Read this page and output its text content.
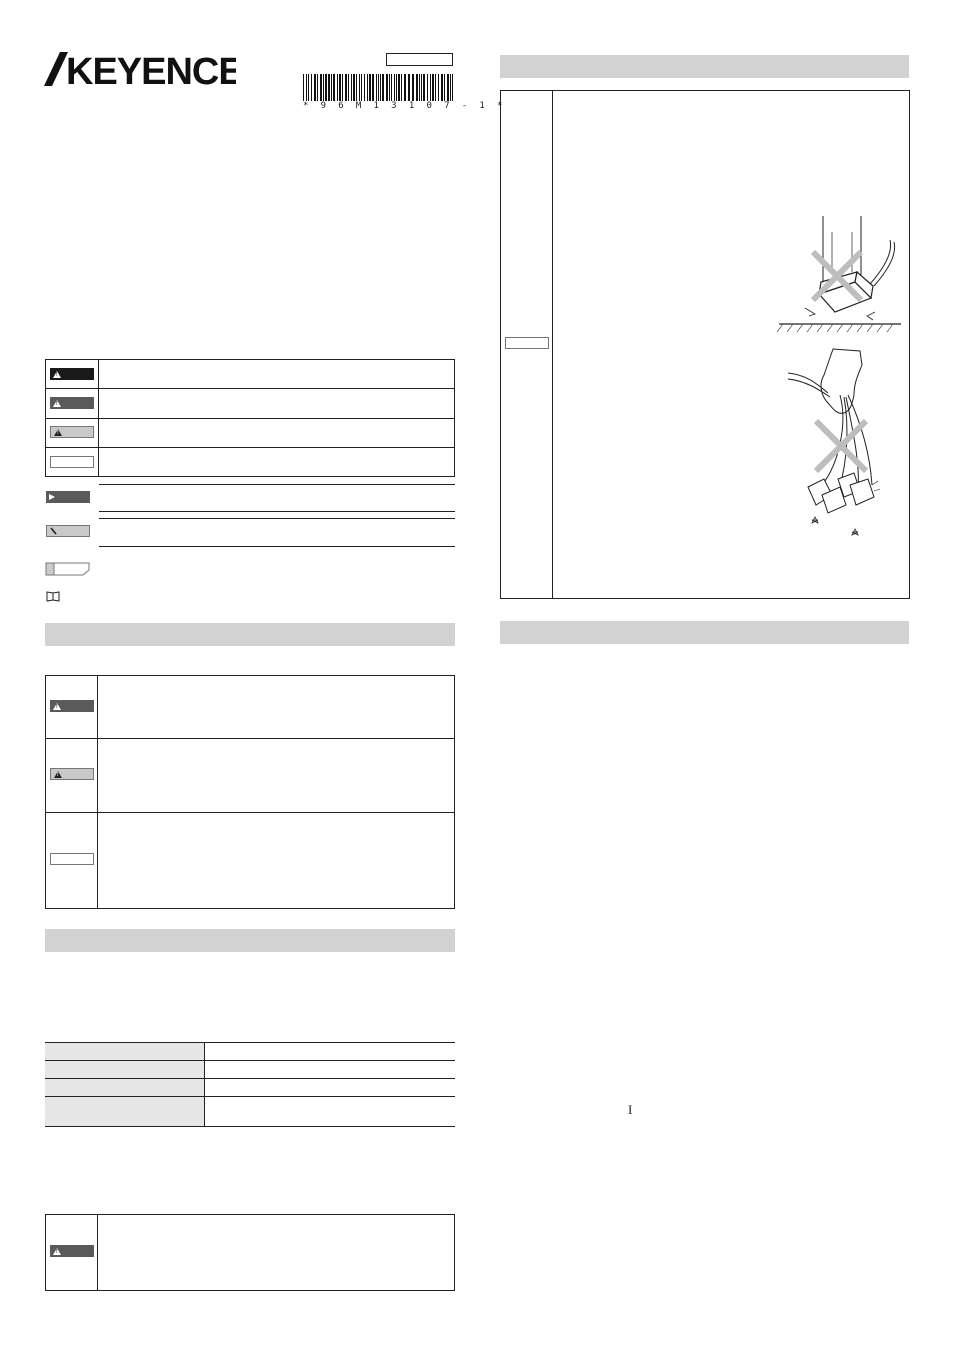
KEYENCE
* 9 6 M 1 3 1 0 7 - 1 *
!
!
!
!
!
!
I
